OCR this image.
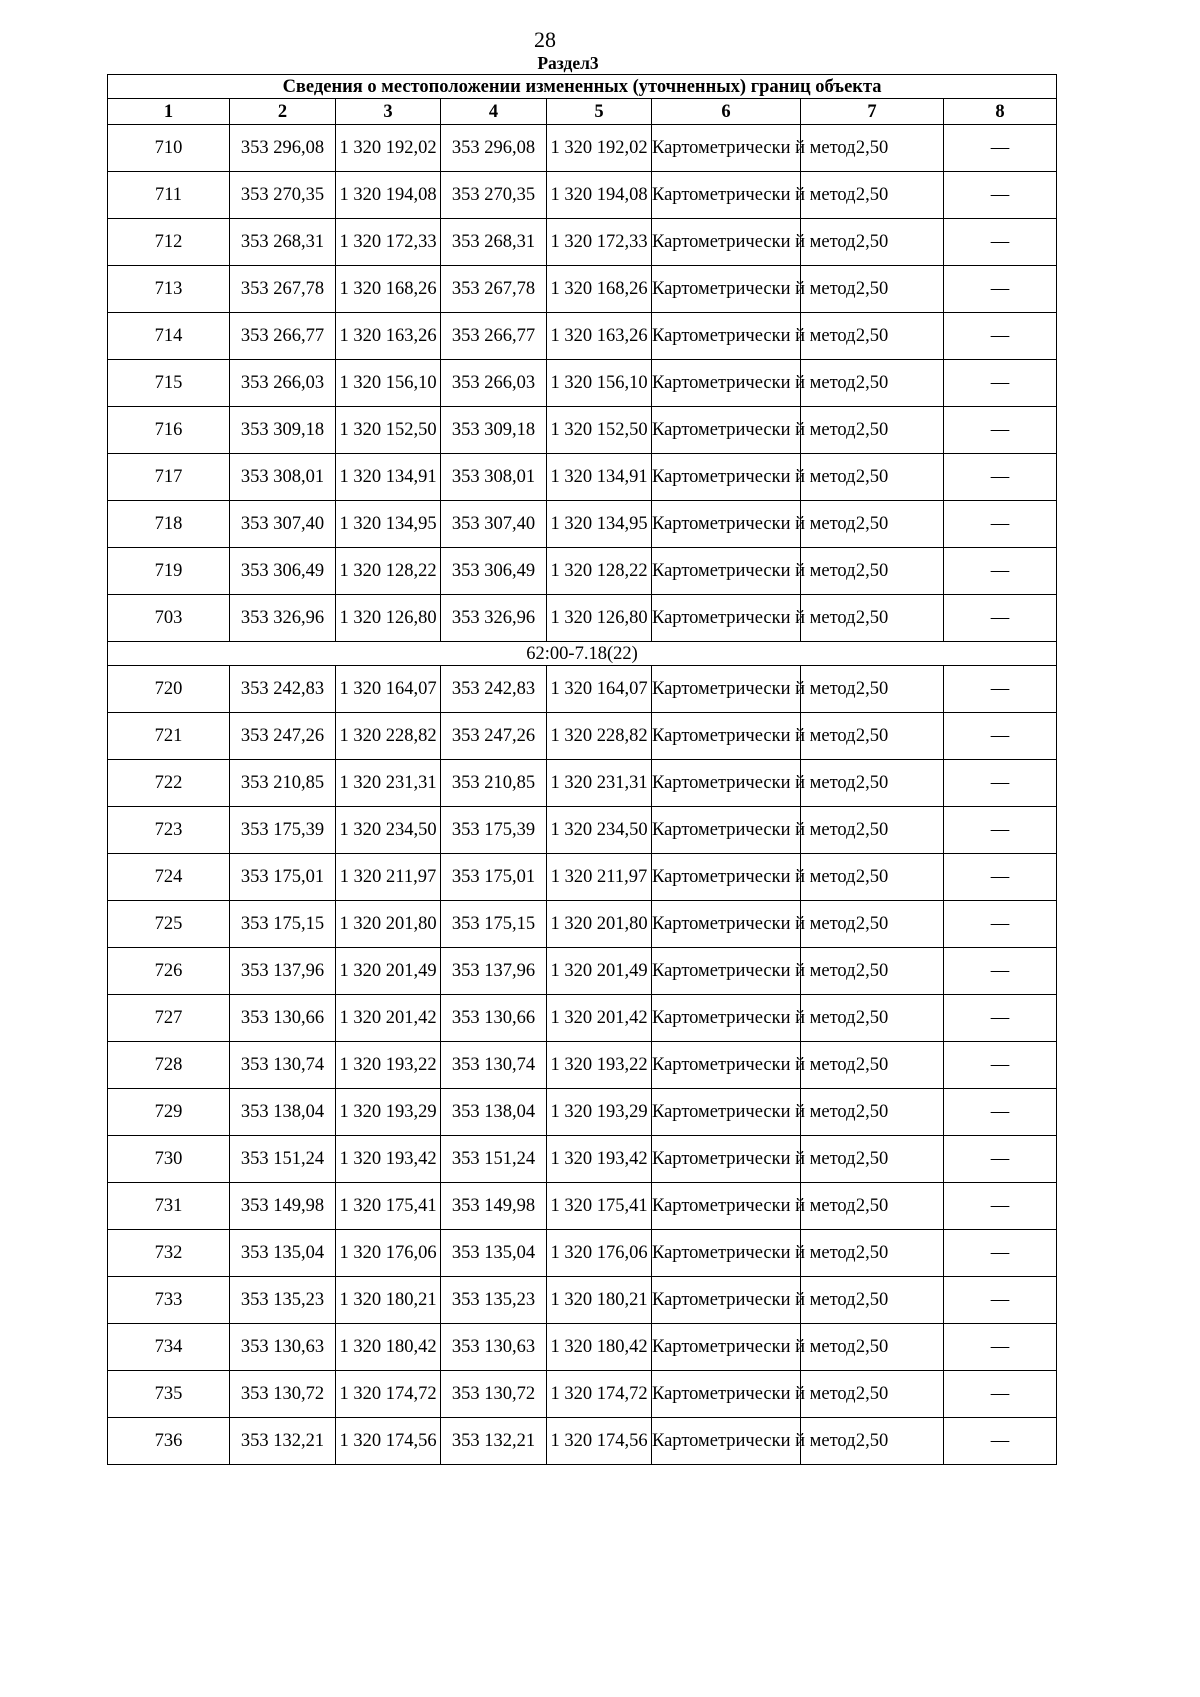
28
Раздел3
Сведения о местоположении измененных (уточненных) границ объекта							
1	2	3	4	5	6	7	8
710	353 296,08	1 320 192,02	353 296,08	1 320 192,02	Картометрически й метод	2,50	—
711	353 270,35	1 320 194,08	353 270,35	1 320 194,08	Картометрически й метод	2,50	—
712	353 268,31	1 320 172,33	353 268,31	1 320 172,33	Картометрически й метод	2,50	—
713	353 267,78	1 320 168,26	353 267,78	1 320 168,26	Картометрически й метод	2,50	—
714	353 266,77	1 320 163,26	353 266,77	1 320 163,26	Картометрически й метод	2,50	—
715	353 266,03	1 320 156,10	353 266,03	1 320 156,10	Картометрически й метод	2,50	—
716	353 309,18	1 320 152,50	353 309,18	1 320 152,50	Картометрически й метод	2,50	—
717	353 308,01	1 320 134,91	353 308,01	1 320 134,91	Картометрически й метод	2,50	—
718	353 307,40	1 320 134,95	353 307,40	1 320 134,95	Картометрически й метод	2,50	—
719	353 306,49	1 320 128,22	353 306,49	1 320 128,22	Картометрически й метод	2,50	—
703	353 326,96	1 320 126,80	353 326,96	1 320 126,80	Картометрически й метод	2,50	—
62:00-7.18(22)							
720	353 242,83	1 320 164,07	353 242,83	1 320 164,07	Картометрически й метод	2,50	—
721	353 247,26	1 320 228,82	353 247,26	1 320 228,82	Картометрически й метод	2,50	—
722	353 210,85	1 320 231,31	353 210,85	1 320 231,31	Картометрически й метод	2,50	—
723	353 175,39	1 320 234,50	353 175,39	1 320 234,50	Картометрически й метод	2,50	—
724	353 175,01	1 320 211,97	353 175,01	1 320 211,97	Картометрически й метод	2,50	—
725	353 175,15	1 320 201,80	353 175,15	1 320 201,80	Картометрически й метод	2,50	—
726	353 137,96	1 320 201,49	353 137,96	1 320 201,49	Картометрически й метод	2,50	—
727	353 130,66	1 320 201,42	353 130,66	1 320 201,42	Картометрически й метод	2,50	—
728	353 130,74	1 320 193,22	353 130,74	1 320 193,22	Картометрически й метод	2,50	—
729	353 138,04	1 320 193,29	353 138,04	1 320 193,29	Картометрически й метод	2,50	—
730	353 151,24	1 320 193,42	353 151,24	1 320 193,42	Картометрически й метод	2,50	—
731	353 149,98	1 320 175,41	353 149,98	1 320 175,41	Картометрически й метод	2,50	—
732	353 135,04	1 320 176,06	353 135,04	1 320 176,06	Картометрически й метод	2,50	—
733	353 135,23	1 320 180,21	353 135,23	1 320 180,21	Картометрически й метод	2,50	—
734	353 130,63	1 320 180,42	353 130,63	1 320 180,42	Картометрически й метод	2,50	—
735	353 130,72	1 320 174,72	353 130,72	1 320 174,72	Картометрически й метод	2,50	—
736	353 132,21	1 320 174,56	353 132,21	1 320 174,56	Картометрически й метод	2,50	—
